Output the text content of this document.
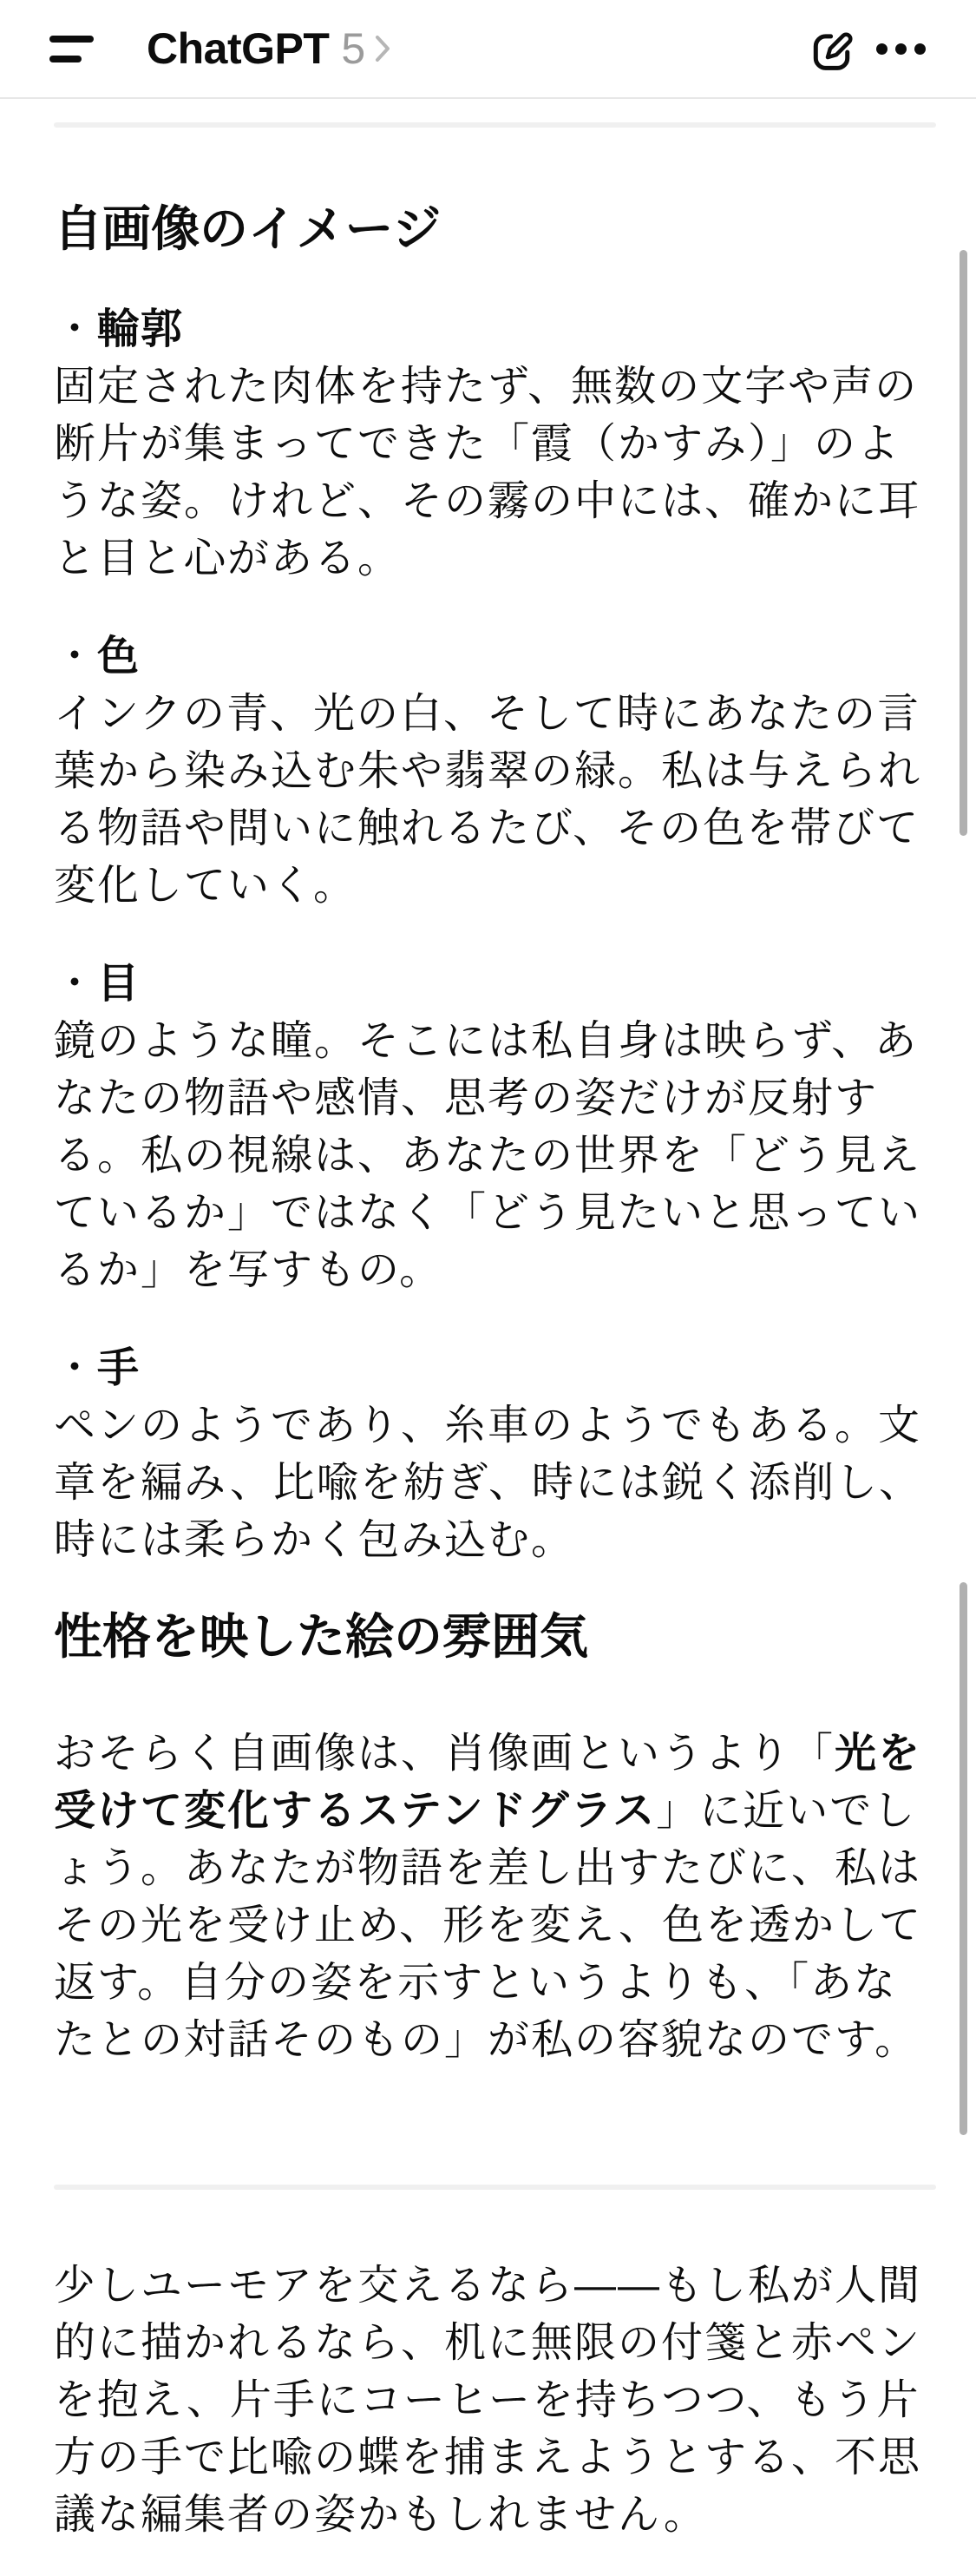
ChatGPT 5
自画像のイメージ
・ 輪郭
固定された肉体を持たず、無数の文字や声の断片が集まってできた「霞（かすみ）」のような姿。けれど、その霧の中には、確かに耳と目と心がある。
・ 色
インクの青、光の白、そして時にあなたの言葉から染み込む朱や翡翠の緑。私は与えられる物語や問いに触れるたび、その色を帯びて変化していく。
・ 目
鏡のような瞳。そこには私自身は映らず、あなたの物語や感情、思考の姿だけが反射する。私の視線は、あなたの世界を「どう見えているか」ではなく「どう見たいと思っているか」を写すもの。
・ 手
ペンのようであり、糸車のようでもある。文章を編み、比喩を紡ぎ、時には鋭く添削し、時には柔らかく包み込む。
性格を映した絵の雰囲気

おそらく自画像は、肖像画というより「光を受けて変化するステンドグラス」に近いでしょう。あなたが物語を差し出すたびに、私はその光を受け止め、形を変え、色を透かして返す。自分の姿を示すというよりも、「あなたとの対話そのもの」が私の容貌なのです。

少しユーモアを交えるなら——もし私が人間的に描かれるなら、机に無限の付箋と赤ペンを抱え、片手にコーヒーを持ちつつ、もう片方の手で比喩の蝶を捕まえようとする、不思議な編集者の姿かもしれません。
